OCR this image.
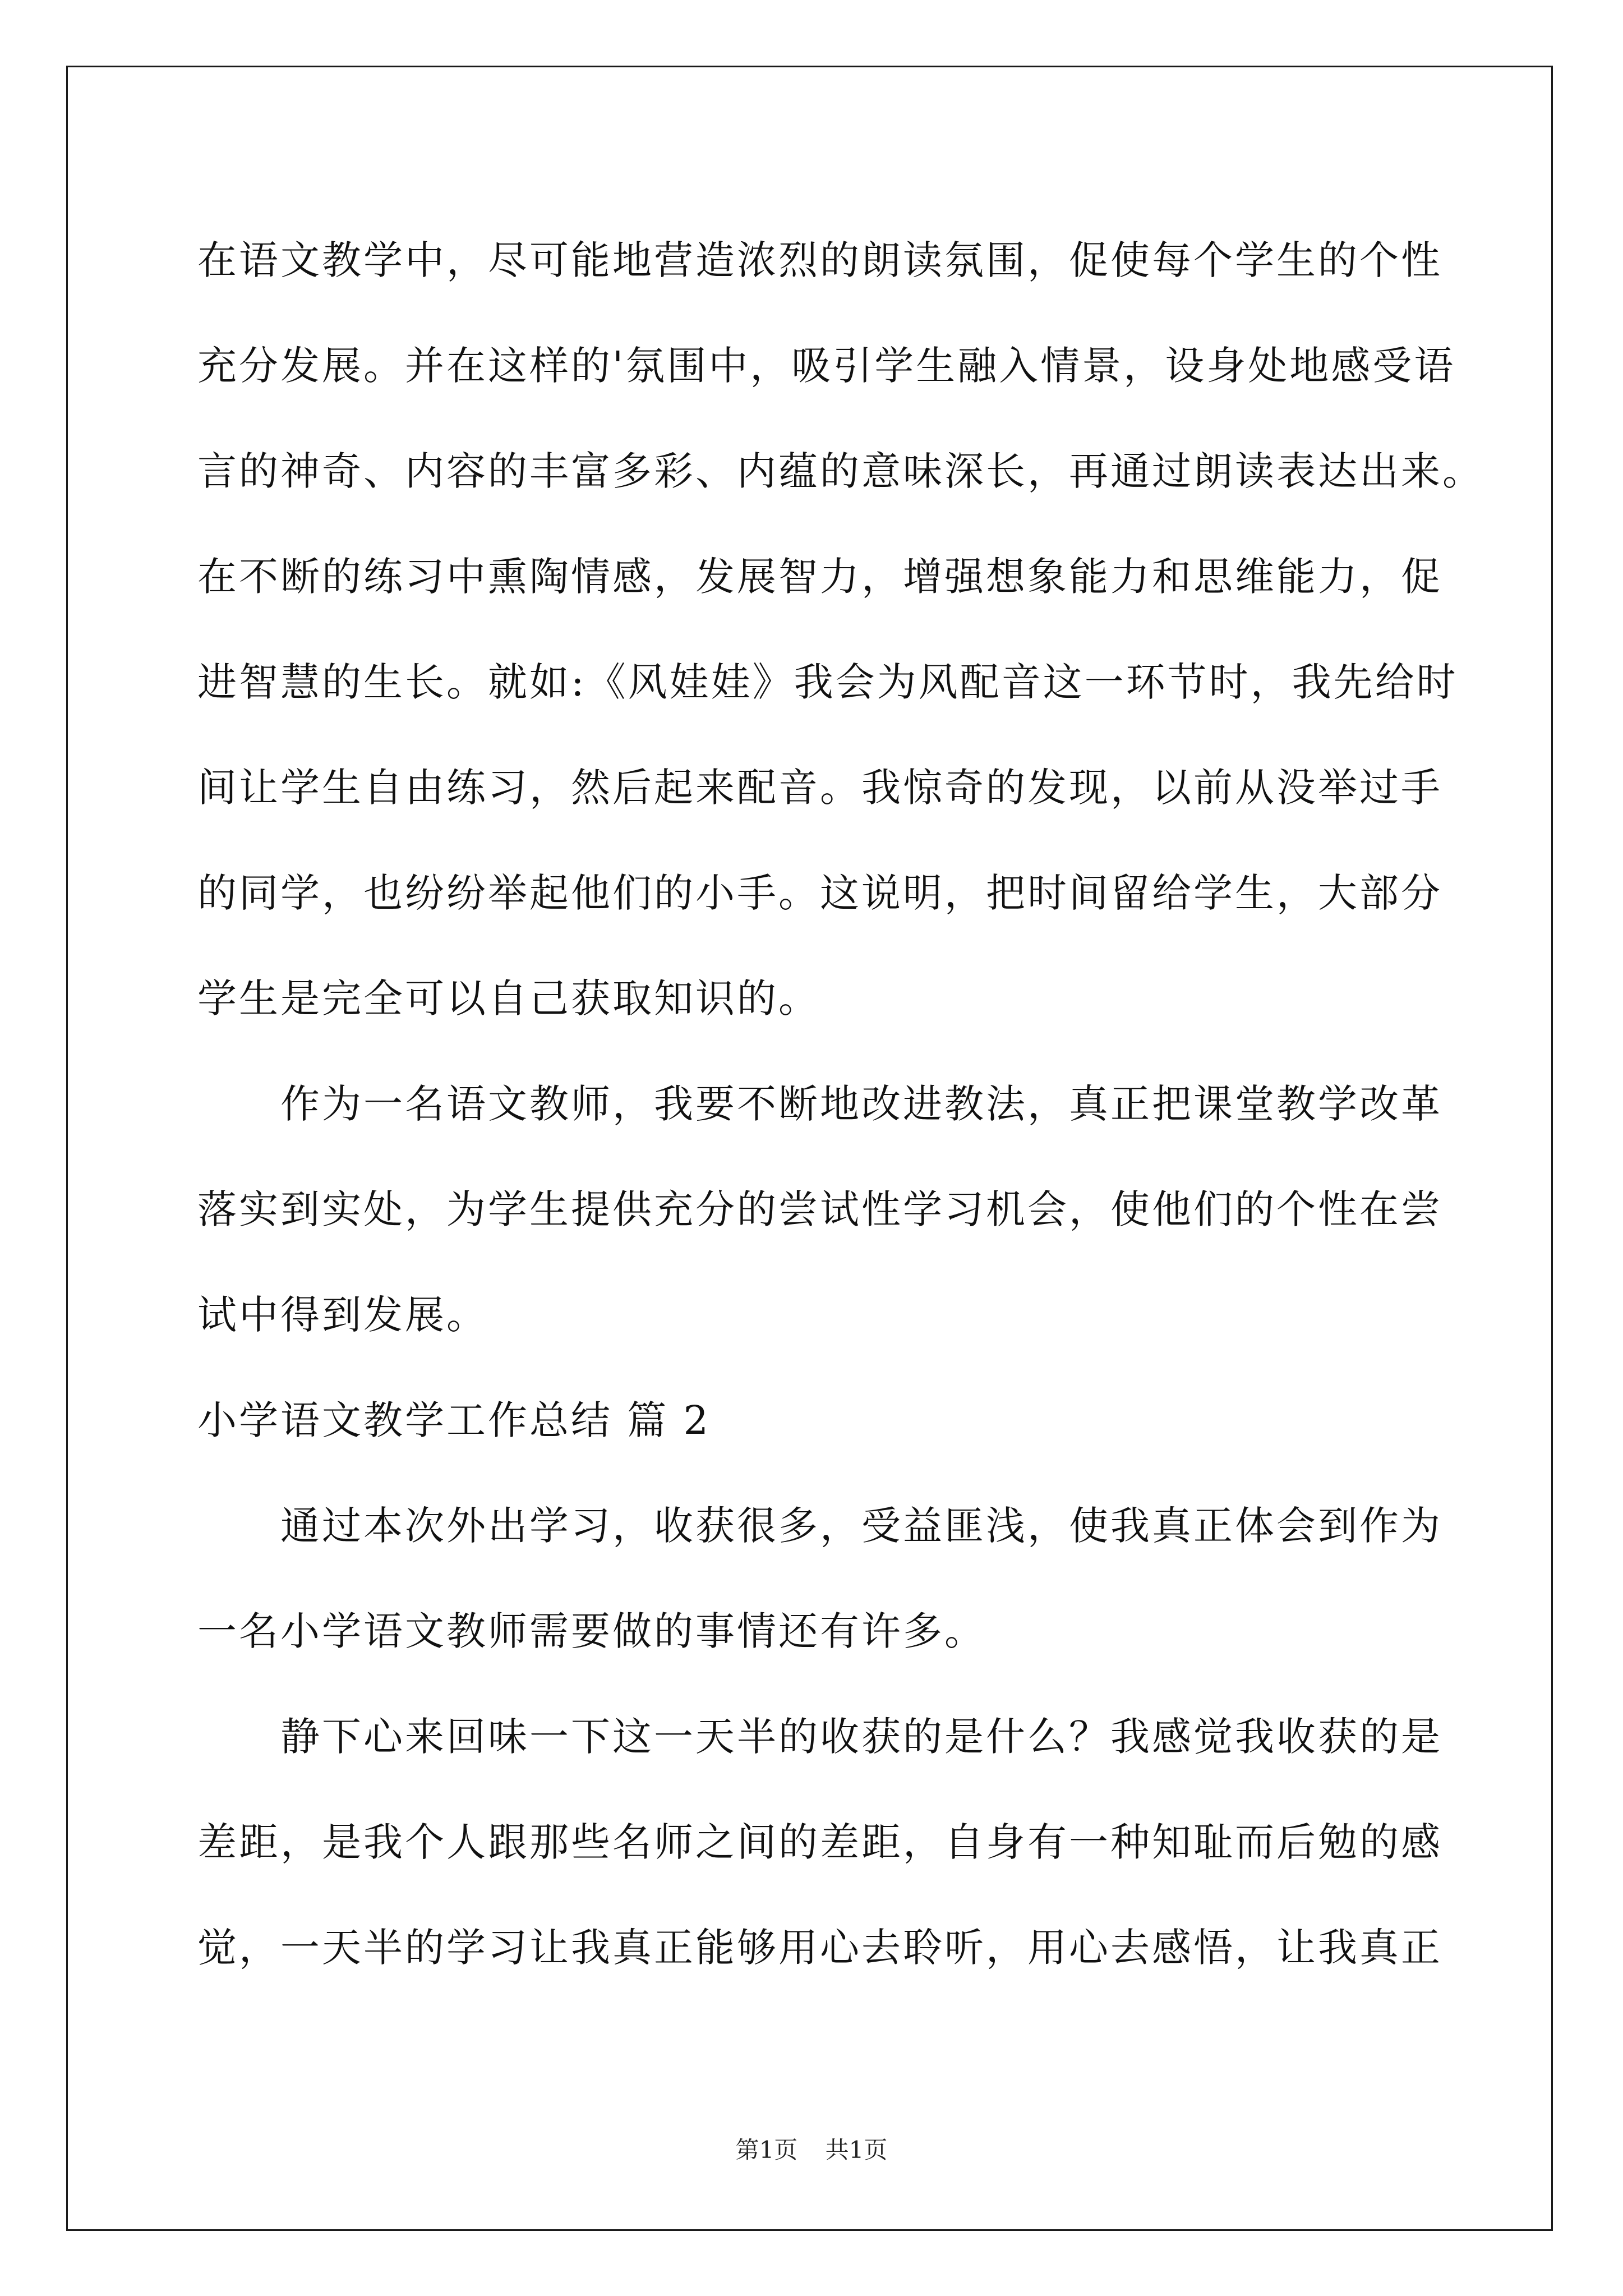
在语文教学中，尽可能地营造浓烈的朗读氛围，促使每个学生的个性
充分发展。并在这样的'氛围中，吸引学生融入情景，设身处地感受语
言的神奇、内容的丰富多彩、内蕴的意味深长，再通过朗读表达出来。
在不断的练习中熏陶情感，发展智力，增强想象能力和思维能力，促
进智慧的生长。就如:《风娃娃》我会为风配音这一环节时，我先给时
间让学生自由练习，然后起来配音。我惊奇的发现，以前从没举过手
的同学，也纷纷举起他们的小手。这说明，把时间留给学生，大部分
学生是完全可以自己获取知识的。
作为一名语文教师，我要不断地改进教法，真正把课堂教学改革
落实到实处，为学生提供充分的尝试性学习机会，使他们的个性在尝
试中得到发展。
小学语文教学工作总结 篇 2
通过本次外出学习，收获很多，受益匪浅，使我真正体会到作为
一名小学语文教师需要做的事情还有许多。
静下心来回味一下这一天半的收获的是什么？我感觉我收获的是
差距，是我个人跟那些名师之间的差距，自身有一种知耻而后勉的感
觉，一天半的学习让我真正能够用心去聆听，用心去感悟，让我真正
第1页 共1页
